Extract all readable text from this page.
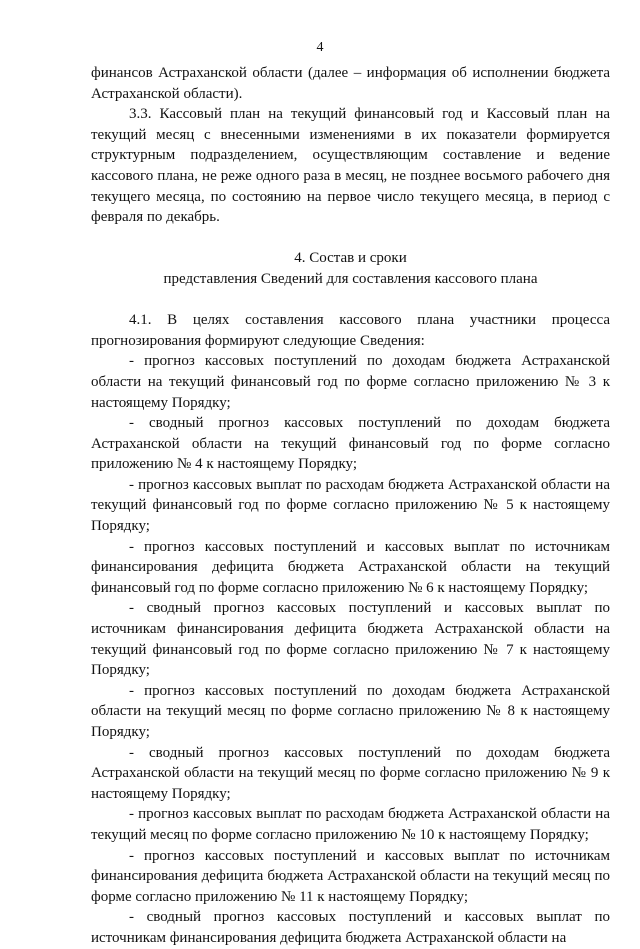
4

финансов Астраханской области (далее – информация об исполнении бюджета Астраханской области).

3.3. Кассовый план на текущий финансовый год и Кассовый план на текущий месяц с внесенными изменениями в их показатели формируется структурным подразделением, осуществляющим составление и ведение кассового плана, не реже одного раза в месяц, не позднее восьмого рабочего дня текущего месяца, по состоянию на первое число текущего месяца, в период с февраля по декабрь.

4. Состав и сроки

представления Сведений для составления кассового плана

4.1. В целях составления кассового плана участники процесса прогнозирования формируют следующие Сведения:

- прогноз кассовых поступлений по доходам бюджета Астраханской области на текущий финансовый год по форме согласно приложению № 3 к настоящему Порядку;

- сводный прогноз кассовых поступлений по доходам бюджета Астраханской области на текущий финансовый год по форме согласно приложению № 4 к настоящему Порядку;

- прогноз кассовых выплат по расходам бюджета Астраханской области на текущий финансовый год по форме согласно приложению № 5 к настоящему Порядку;

- прогноз кассовых поступлений и кассовых выплат по источникам финансирования дефицита бюджета Астраханской области на текущий финансовый год по форме согласно приложению № 6 к настоящему Порядку;

- сводный прогноз кассовых поступлений и кассовых выплат по источникам финансирования дефицита бюджета Астраханской области на текущий финансовый год по форме согласно приложению № 7 к настоящему Порядку;

- прогноз кассовых поступлений по доходам бюджета Астраханской области на текущий месяц по форме согласно приложению № 8 к настоящему Порядку;

- сводный прогноз кассовых поступлений по доходам бюджета Астраханской области на текущий месяц по форме согласно приложению № 9 к настоящему Порядку;

- прогноз кассовых выплат по расходам бюджета Астраханской области на текущий месяц по форме согласно приложению № 10 к настоящему Порядку;

- прогноз кассовых поступлений и кассовых выплат по источникам финансирования дефицита бюджета Астраханской области на текущий месяц по форме согласно приложению № 11 к настоящему Порядку;

- сводный прогноз кассовых поступлений и кассовых выплат по источникам финансирования дефицита бюджета Астраханской области на
